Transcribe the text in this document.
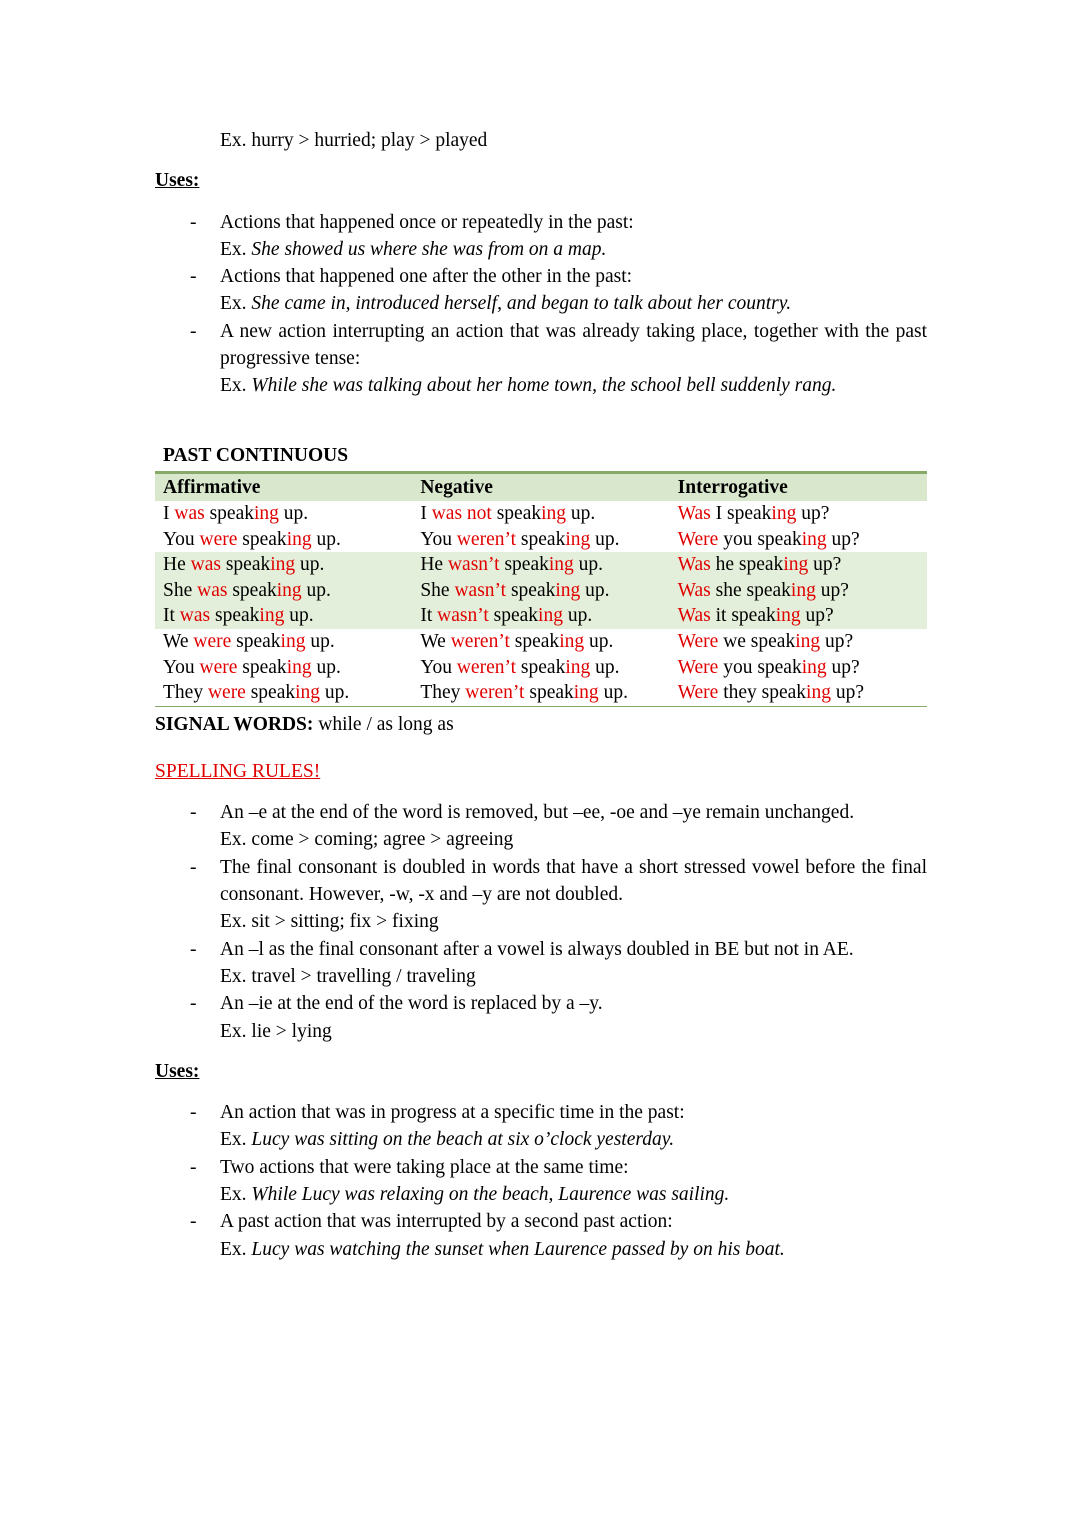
Ex. hurry > hurried; play > played

Uses:
-	Actions that happened once or repeatedly in the past:
Ex. She showed us where she was from on a map.
-	Actions that happened one after the other in the past:
Ex. She came in, introduced herself, and began to talk about her country.
-	A new action interrupting an action that was already taking place, together with the past progressive tense:
Ex. While she was talking about her home town, the school bell suddenly rang.
PAST CONTINUOUS
Affirmative	Negative	Interrogative
I was speaking up.	I was not speaking up.	Was I speaking up?
You were speaking up.	You weren’t speaking up.	Were you speaking up?
He was speaking up.	He wasn’t speaking up.	Was he speaking up?
She was speaking up.	She wasn’t speaking up.	Was she speaking up?
It was speaking up.	It wasn’t speaking up.	Was it speaking up?
We were speaking up.	We weren’t speaking up.	Were we speaking up?
You were speaking up.	You weren’t speaking up.	Were you speaking up?
They were speaking up.	They weren’t speaking up.	Were they speaking up?

SIGNAL WORDS: while / as long as

SPELLING RULES!
-	An –e at the end of the word is removed, but –ee, -oe and –ye remain unchanged.
Ex. come > coming; agree > agreeing
-	The final consonant is doubled in words that have a short stressed vowel before the final consonant. However, -w, -x and –y are not doubled.
Ex. sit > sitting; fix > fixing
-	An –l as the final consonant after a vowel is always doubled in BE but not in AE.
Ex. travel > travelling / traveling
-	An –ie at the end of the word is replaced by a –y.
Ex. lie > lying
Uses:
-	An action that was in progress at a specific time in the past:
Ex. Lucy was sitting on the beach at six o’clock yesterday.
-	Two actions that were taking place at the same time:
Ex. While Lucy was relaxing on the beach, Laurence was sailing.
-	A past action that was interrupted by a second past action:
Ex. Lucy was watching the sunset when Laurence passed by on his boat.
